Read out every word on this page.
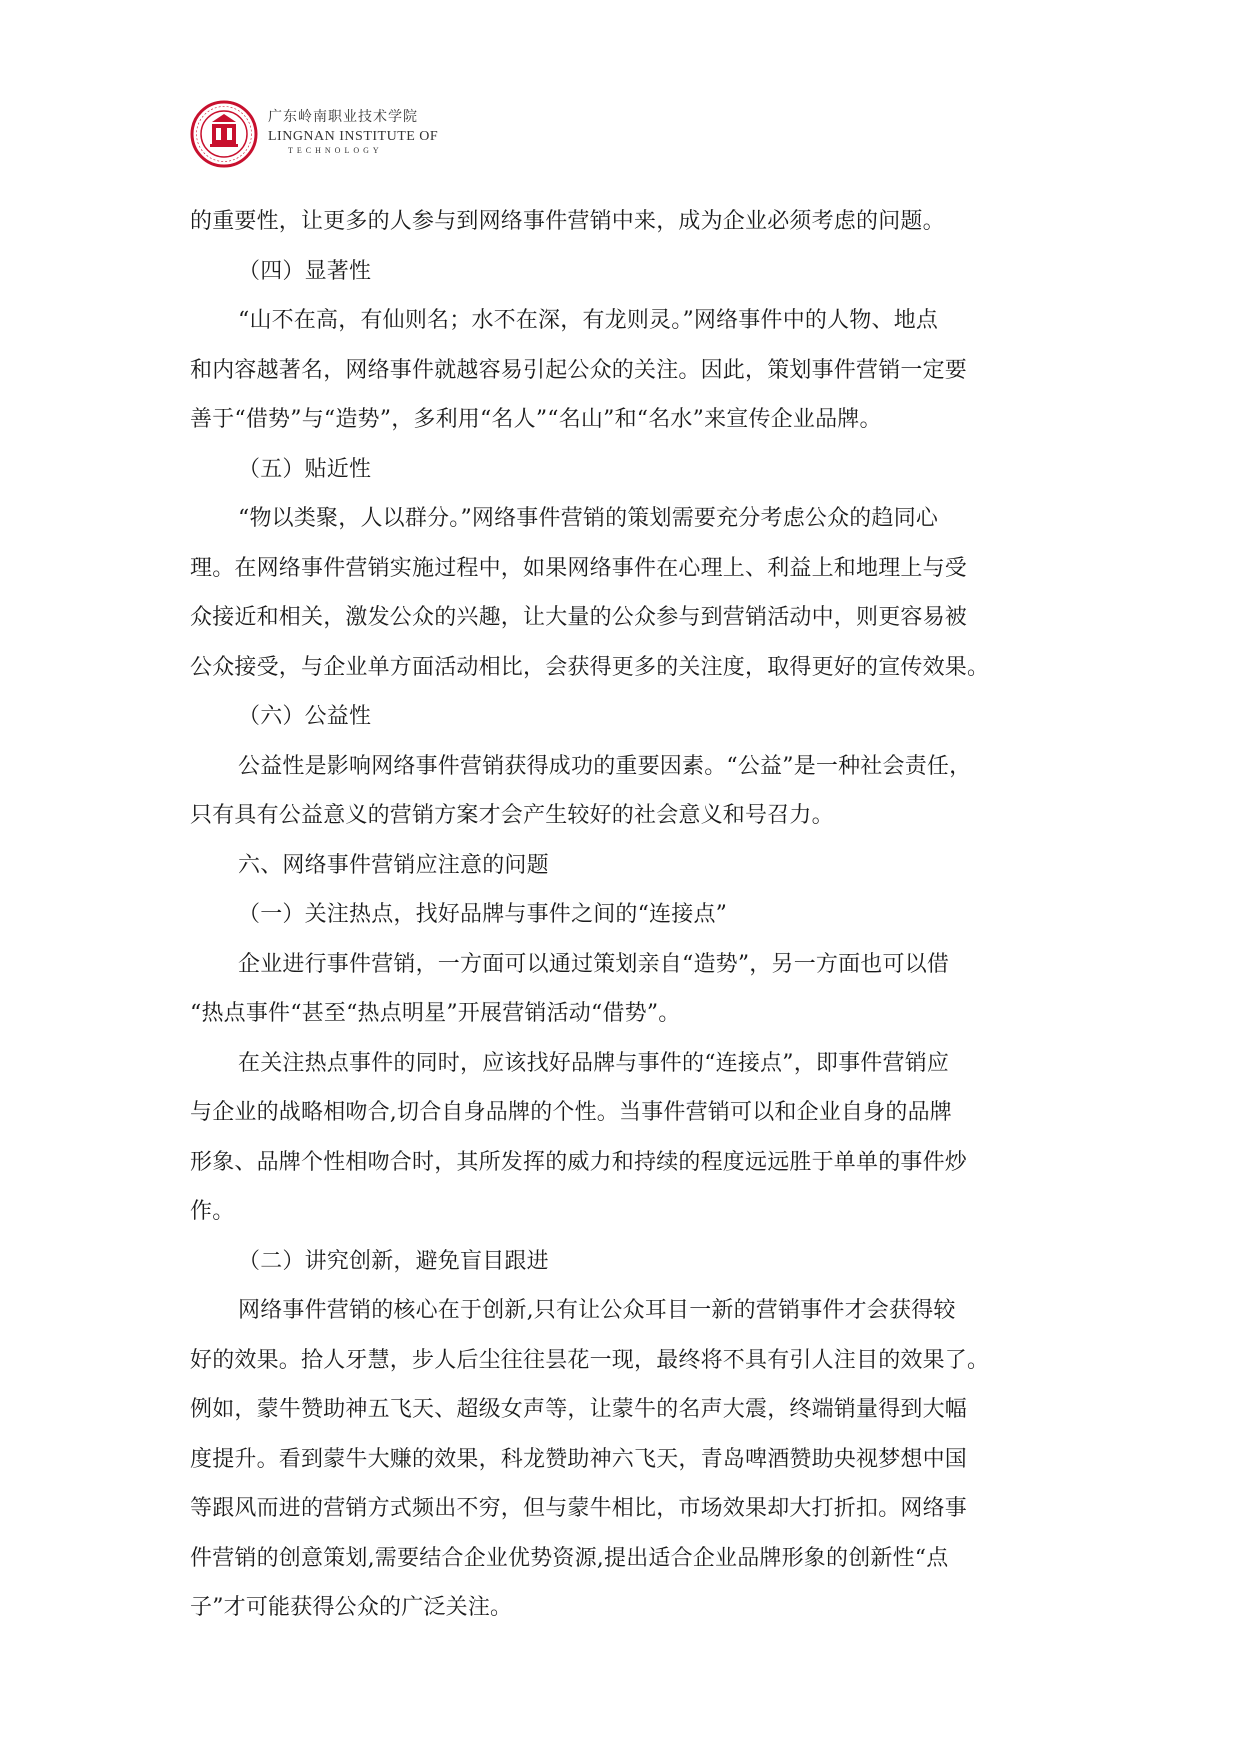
广东岭南职业技术学院
LINGNAN INSTITUTE OF
TECHNOLOGY

的重要性，让更多的人参与到网络事件营销中来，成为企业必须考虑的问题。

（四）显著性

“山不在高，有仙则名；水不在深，有龙则灵。”网络事件中的人物、地点

和内容越著名，网络事件就越容易引起公众的关注。因此，策划事件营销一定要

善于“借势”与“造势”，多利用“名人”“名山”和“名水”来宣传企业品牌。

（五）贴近性

“物以类聚，人以群分。”网络事件营销的策划需要充分考虑公众的趋同心

理。在网络事件营销实施过程中，如果网络事件在心理上、利益上和地理上与受

众接近和相关，激发公众的兴趣，让大量的公众参与到营销活动中，则更容易被

公众接受，与企业单方面活动相比，会获得更多的关注度，取得更好的宣传效果。

（六）公益性

公益性是影响网络事件营销获得成功的重要因素。“公益”是一种社会责任，

只有具有公益意义的营销方案才会产生较好的社会意义和号召力。

六、网络事件营销应注意的问题

（一）关注热点，找好品牌与事件之间的“连接点”

企业进行事件营销，一方面可以通过策划亲自“造势”，另一方面也可以借

“热点事件“甚至“热点明星”开展营销活动“借势”。

在关注热点事件的同时，应该找好品牌与事件的“连接点”，即事件营销应

与企业的战略相吻合,切合自身品牌的个性。当事件营销可以和企业自身的品牌

形象、品牌个性相吻合时，其所发挥的威力和持续的程度远远胜于单单的事件炒

作。

（二）讲究创新，避免盲目跟进

网络事件营销的核心在于创新,只有让公众耳目一新的营销事件才会获得较

好的效果。拾人牙慧，步人后尘往往昙花一现，最终将不具有引人注目的效果了。

例如，蒙牛赞助神五飞天、超级女声等，让蒙牛的名声大震，终端销量得到大幅

度提升。看到蒙牛大赚的效果，科龙赞助神六飞天，青岛啤酒赞助央视梦想中国

等跟风而进的营销方式频出不穷，但与蒙牛相比，市场效果却大打折扣。网络事

件营销的创意策划,需要结合企业优势资源,提出适合企业品牌形象的创新性“点

子”才可能获得公众的广泛关注。
